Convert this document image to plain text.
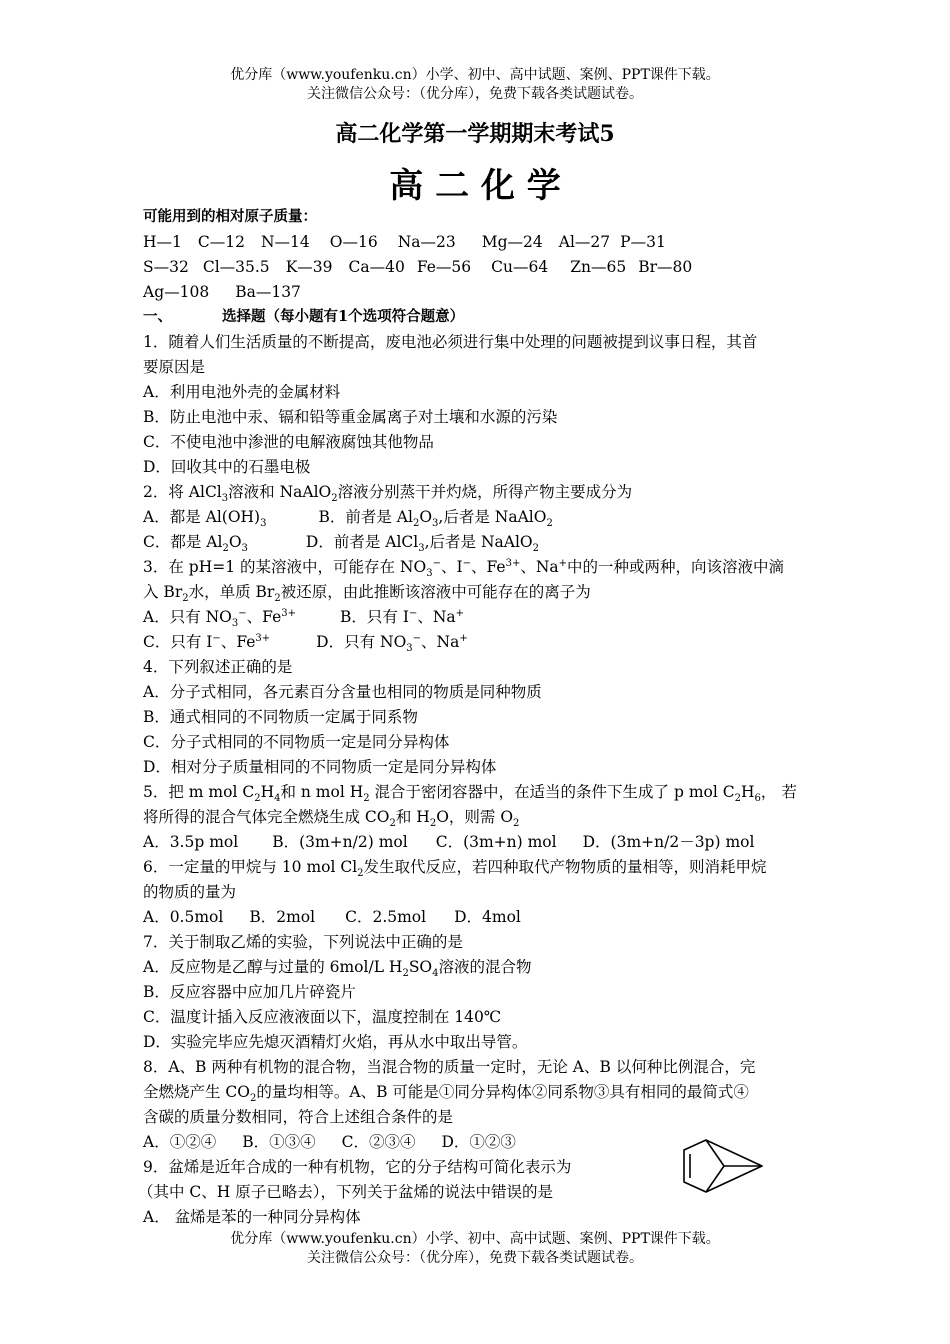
优分库（www.youfenku.cn）小学、初中、高中试题、案例、PPT课件下载。
关注微信公众号：（优分库），免费下载各类试题试卷。
高二化学第一学期期末考试5
高 二 化 学
可能用到的相对原子质量：
H—1 C—12 N—14 O—16 Na—23 Mg—24 Al—27 P—31
S—32 Cl—35.5 K—39 Ca—40 Fe—56 Cu—64 Zn—65 Br—80
Ag—108 Ba—137
一、	选择题（每小题有1个选项符合题意）
1．随着人们生活质量的不断提高，废电池必须进行集中处理的问题被提到议事日程，其首
要原因是
A．利用电池外壳的金属材料
B．防止电池中汞、镉和铅等重金属离子对土壤和水源的污染
C．不使电池中渗泄的电解液腐蚀其他物品
D．回收其中的石墨电极
2．将 AlCl$_3$溶液和 NaAlO$_2$溶液分别蒸干并灼烧，所得产物主要成分为
A．都是 $Al(OH)_3$	B．前者是 $Al_2O_3$,后者是 NaAlO$_2$
C．都是 $Al_2O_3$	D．前者是 AlCl$_3$,后者是 NaAlO$_2$
3．在 pH=1 的某溶液中，可能存在 $NO_3^-$、I−、$Fe^{3+}$、Na+中的一种或两种，向该溶液中滴
入 $Br_2$水，单质 $Br_2$被还原，由此推断该溶液中可能存在的离子为
A．只有 $NO_3^-$、$Fe^{3+}$	B．只有 I−、Na+
C．只有 I−、$Fe^{3+}$	D．只有 $NO_3^-$、Na+
4．下列叙述正确的是
A．分子式相同，各元素百分含量也相同的物质是同种物质
B．通式相同的不同物质一定属于同系物
C．分子式相同的不同物质一定是同分异构体
D．相对分子质量相同的不同物质一定是同分异构体
5．把 m mol $C_2H_4$和 n mol $H_2$ 混合于密闭容器中，在适当的条件下生成了 p mol $C_2H_6$， 若
将所得的混合气体完全燃烧生成 $CO_2$和 $H_2O$，则需 $O_2$
A．3.5p mol B．(3m+n/2) mol C．(3m+n) mol D．(3m+n/2－3p) mol
6．一定量的甲烷与 10 mol $Cl_2$发生取代反应，若四种取代产物物质的量相等，则消耗甲烷
的物质的量为
A．0.5mol B．2mol C．2.5mol D．4mol
7．关于制取乙烯的实验，下列说法中正确的是
A．反应物是乙醇与过量的 6mol/L $H_2SO_4$溶液的混合物
B．反应容器中应加几片碎瓷片
C．温度计插入反应液液面以下，温度控制在 140℃
D．实验完毕应先熄灭酒精灯火焰，再从水中取出导管。
8．A、B 两种有机物的混合物，当混合物的质量一定时，无论 A、B 以何种比例混合，完
全燃烧产生 $CO_2$的量均相等。A、B 可能是①同分异构体②同系物③具有相同的最简式④
含碳的质量分数相同，符合上述组合条件的是
A．①②④ B．①③④ C．②③④ D．①②③
9．盆烯是近年合成的一种有机物，它的分子结构可简化表示为
（其中 C、H 原子已略去），下列关于盆烯的说法中错误的是
A． 盆烯是苯的一种同分异构体
优分库（www.youfenku.cn）小学、初中、高中试题、案例、PPT课件下载。
关注微信公众号：（优分库），免费下载各类试题试卷。
